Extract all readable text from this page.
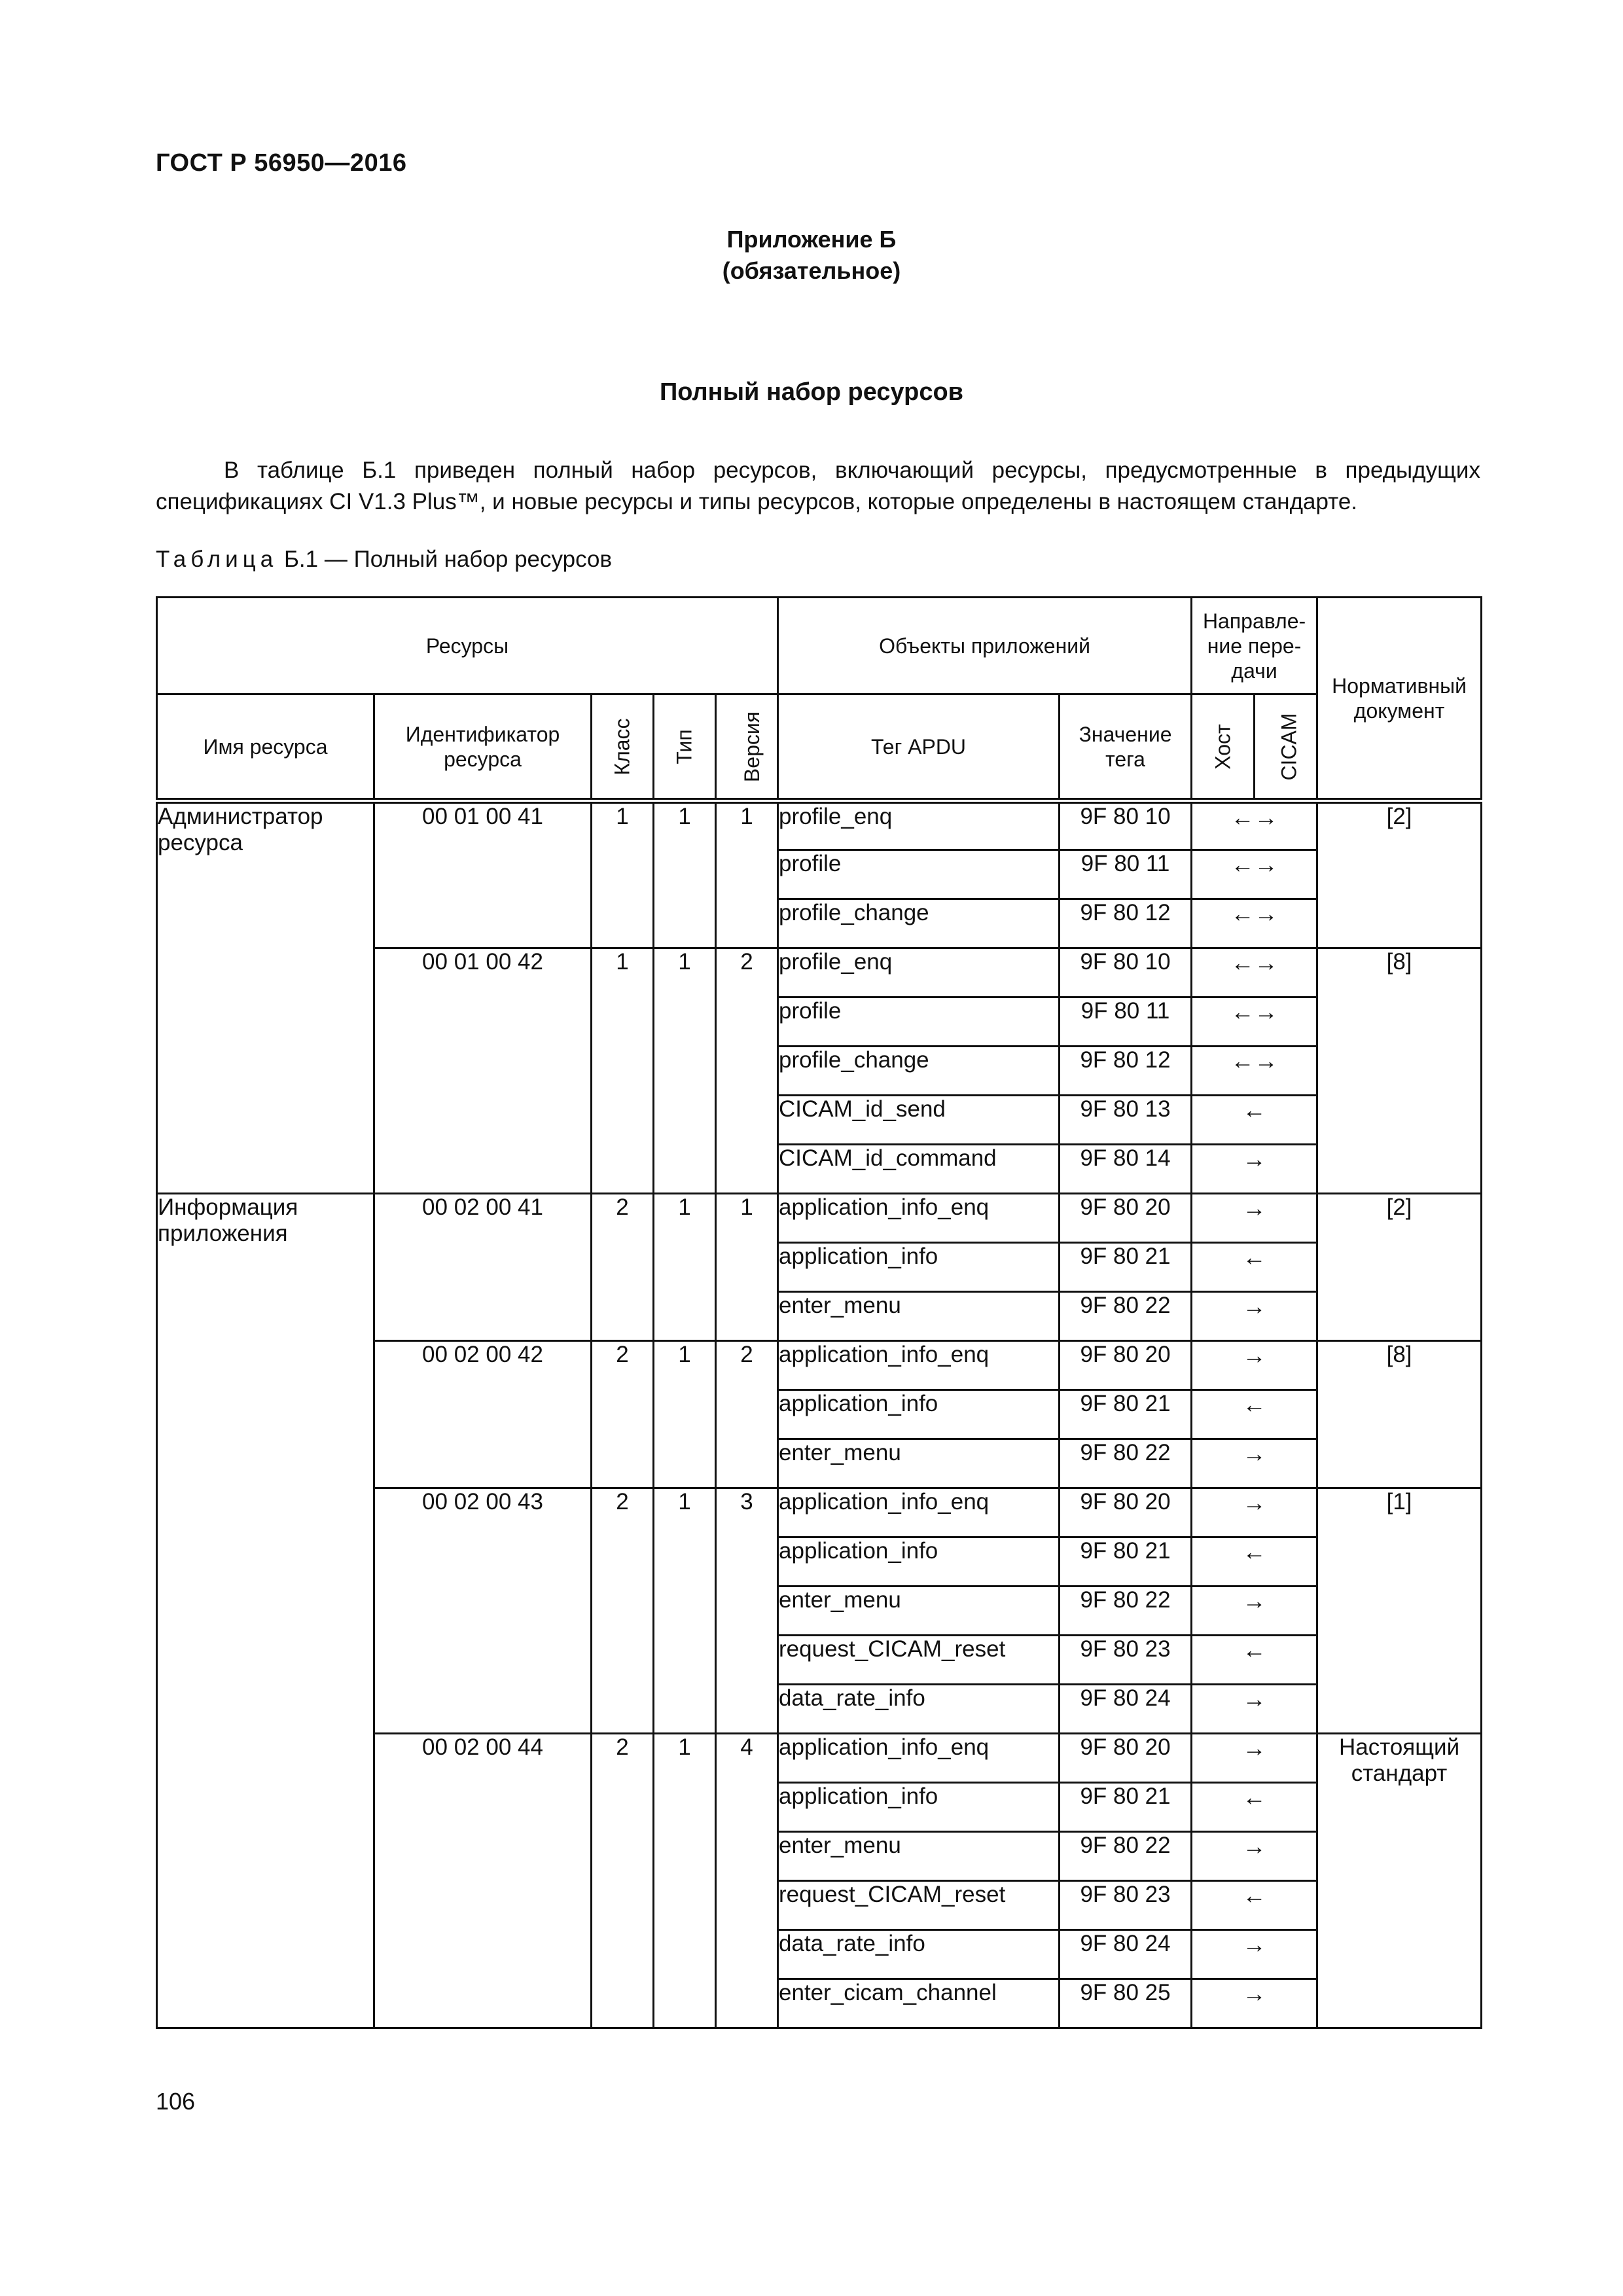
ГОСТ Р 56950—2016
Приложение Б
(обязательное)
Полный набор ресурсов
В таблице Б.1 приведен полный набор ресурсов, включающий ресурсы, предусмотренные в предыдущих спецификациях CI V1.3 Plus™, и новые ресурсы и типы ресурсов, которые определены в настоящем стандарте.
Таблица Б.1 — Полный набор ресурсов
Ресурсы					Объекты приложений		Направле-ние пере-дачи		Нормативный документ
Имя ресурса	Идентификатор ресурса	Класс	Тип	Версия	Тег APDU	Значение тега	Хост	CICAM	
Администратор ресурса	00 01 00 41	1	1	1	profile_enq	9F 80 10	←→		[2]
					profile	9F 80 11	←→		
					profile_change	9F 80 12	←→		
	00 01 00 42	1	1	2	profile_enq	9F 80 10	←→		[8]
					profile	9F 80 11	←→		
					profile_change	9F 80 12	←→		
					CICAM_id_send	9F 80 13	←		
					CICAM_id_command	9F 80 14	→		
Информация приложения	00 02 00 41	2	1	1	application_info_enq	9F 80 20	→		[2]
					application_info	9F 80 21	←		
					enter_menu	9F 80 22	→		
	00 02 00 42	2	1	2	application_info_enq	9F 80 20	→		[8]
					application_info	9F 80 21	←		
					enter_menu	9F 80 22	→		
	00 02 00 43	2	1	3	application_info_enq	9F 80 20	→		[1]
					application_info	9F 80 21	←		
					enter_menu	9F 80 22	→		
					request_CICAM_reset	9F 80 23	←		
					data_rate_info	9F 80 24	→		
	00 02 00 44	2	1	4	application_info_enq	9F 80 20	→		Настоящий стандарт
					application_info	9F 80 21	←		
					enter_menu	9F 80 22	→		
					request_CICAM_reset	9F 80 23	←		
					data_rate_info	9F 80 24	→		
					enter_cicam_channel	9F 80 25	→		
106
